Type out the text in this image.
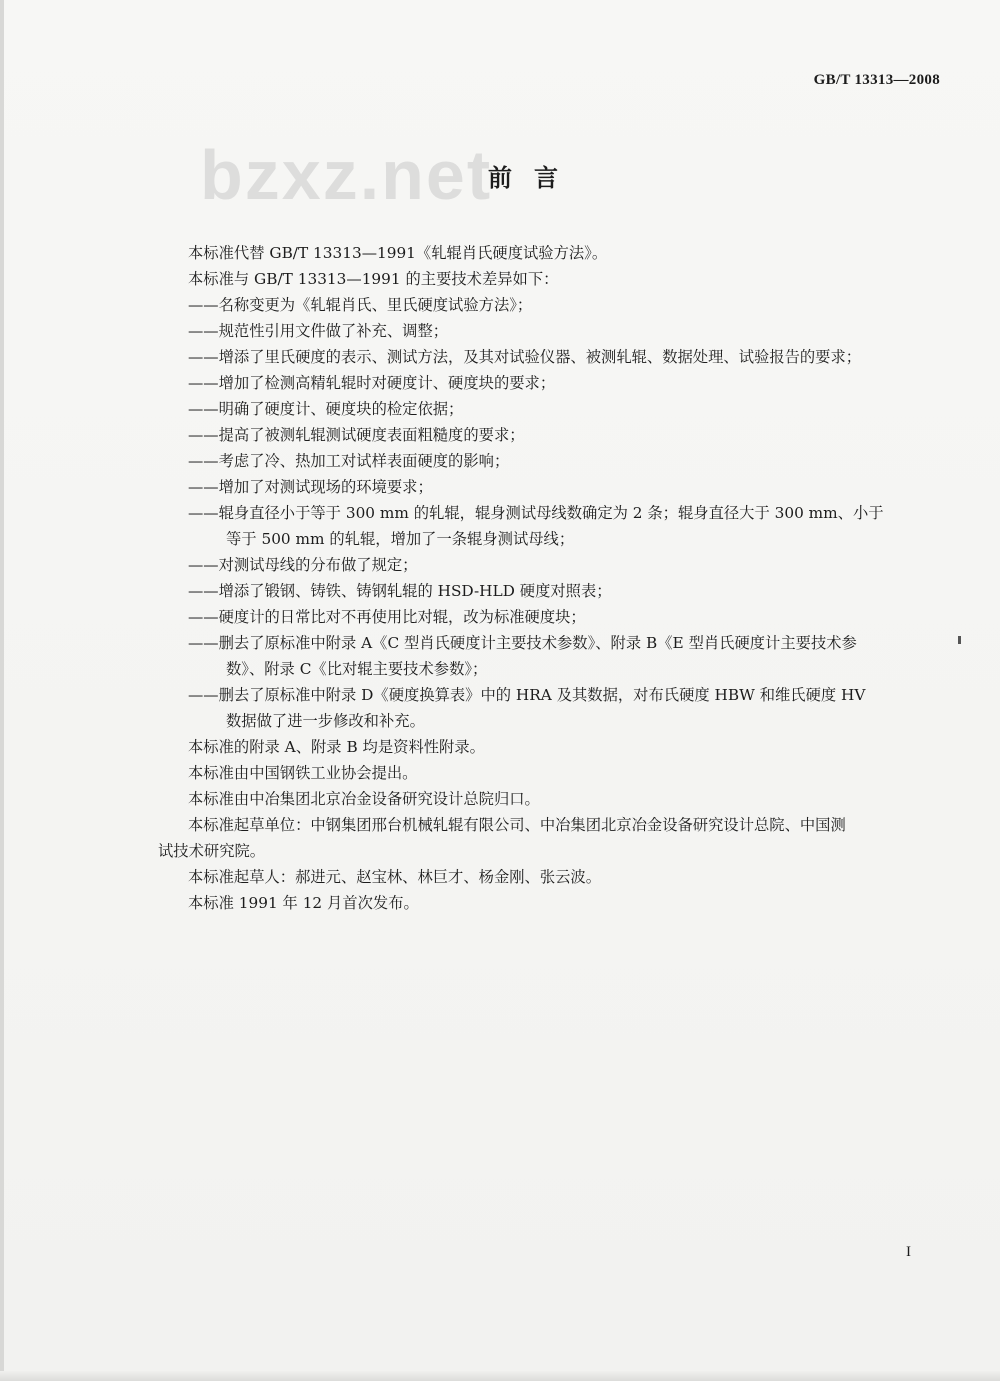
GB/T 13313—2008
bzxz.net
前言

本标准代替 GB/T 13313—1991《轧辊肖氏硬度试验方法》。

本标准与 GB/T 13313—1991 的主要技术差异如下：

——名称变更为《轧辊肖氏、里氏硬度试验方法》；

——规范性引用文件做了补充、调整；

——增添了里氏硬度的表示、测试方法，及其对试验仪器、被测轧辊、数据处理、试验报告的要求；

——增加了检测高精轧辊时对硬度计、硬度块的要求；

——明确了硬度计、硬度块的检定依据；

——提高了被测轧辊测试硬度表面粗糙度的要求；

——考虑了冷、热加工对试样表面硬度的影响；

——增加了对测试现场的环境要求；

——辊身直径小于等于 300 mm 的轧辊，辊身测试母线数确定为 2 条；辊身直径大于 300 mm、小于

等于 500 mm 的轧辊，增加了一条辊身测试母线；

——对测试母线的分布做了规定；

——增添了锻钢、铸铁、铸钢轧辊的 HSD-HLD 硬度对照表；

——硬度计的日常比对不再使用比对辊，改为标准硬度块；

——删去了原标准中附录 A《C 型肖氏硬度计主要技术参数》、附录 B《E 型肖氏硬度计主要技术参

数》、附录 C《比对辊主要技术参数》；

——删去了原标准中附录 D《硬度换算表》中的 HRA 及其数据，对布氏硬度 HBW 和维氏硬度 HV

数据做了进一步修改和补充。

本标准的附录 A、附录 B 均是资料性附录。

本标准由中国钢铁工业协会提出。

本标准由中冶集团北京冶金设备研究设计总院归口。

本标准起草单位：中钢集团邢台机械轧辊有限公司、中冶集团北京冶金设备研究设计总院、中国测

试技术研究院。

本标准起草人：郝进元、赵宝林、林巨才、杨金刚、张云波。

本标准 1991 年 12 月首次发布。

I
